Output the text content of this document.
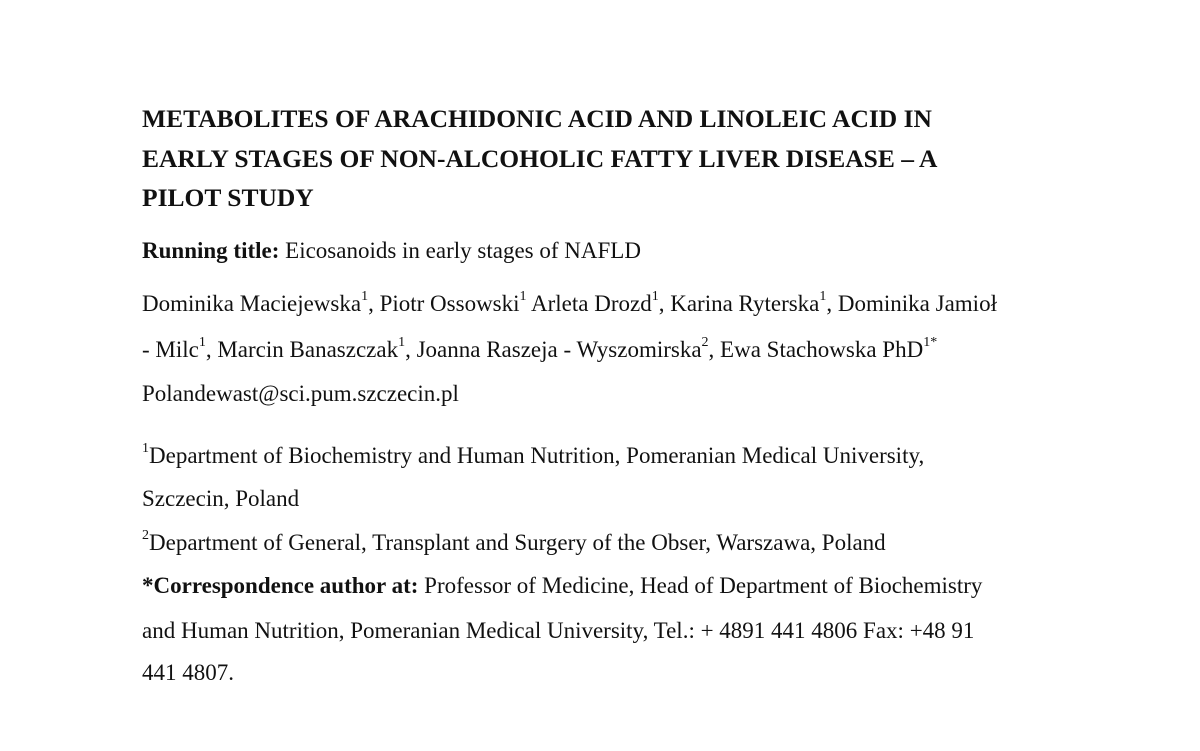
METABOLITES OF ARACHIDONIC ACID AND LINOLEIC ACID IN
EARLY STAGES OF NON-ALCOHOLIC FATTY LIVER DISEASE – A
PILOT STUDY
Running title: Eicosanoids in early stages of NAFLD
Dominika Maciejewska$^1$, Piotr Ossowski$^1$ Arleta Drozd$^1$, Karina Ryterska$^1$, Dominika Jamioł
- Milc$^1$, Marcin Banaszczak$^1$, Joanna Raszeja - Wyszomirska$^2$, Ewa Stachowska PhD$^{1*}$
Polandewast@sci.pum.szczecin.pl
$^1$Department of Biochemistry and Human Nutrition, Pomeranian Medical University,
Szczecin, Poland
$^2$Department of General, Transplant and Surgery of the Obser, Warszawa, Poland
*Correspondence author at: Professor of Medicine, Head of Department of Biochemistry
and Human Nutrition, Pomeranian Medical University, Tel.: + 4891 441 4806 Fax: +48 91
441 4807.
